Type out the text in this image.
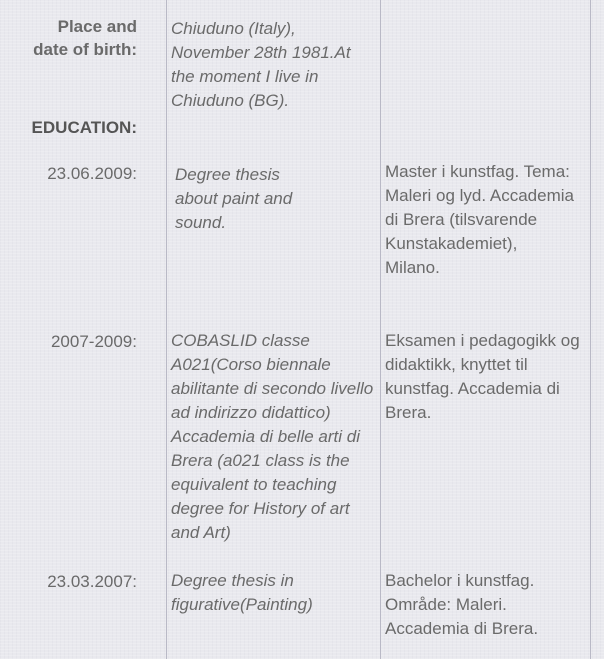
Place and
date of birth:
Chiuduno (Italy), November 28th 1981.At the moment I live in Chiuduno (BG).
EDUCATION:
23.06.2009: Degree thesis about paint and sound.
Master i kunstfag. Tema: Maleri og lyd. Accademia di Brera (tilsvarende Kunstakademiet), Milano.
2007-2009: COBASLID classe A021(Corso biennale abilitante di secondo livello ad indirizzo didattico) Accademia di belle arti di Brera (a021 class is the equivalent to teaching degree for History of art and Art)
Eksamen i pedagogikk og didaktikk, knyttet til kunstfag. Accademia di Brera.
23.03.2007: Degree thesis in figurative(Painting)
Bachelor i kunstfag. Område: Maleri. Accademia di Brera.
